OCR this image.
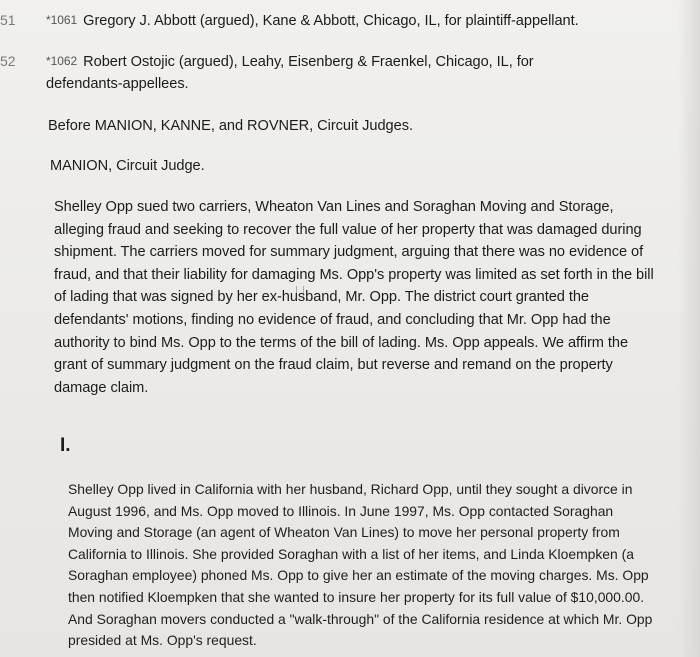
51
52
*1061 Gregory J. Abbott (argued), Kane & Abbott, Chicago, IL, for plaintiff-appellant.
*1062 Robert Ostojic (argued), Leahy, Eisenberg & Fraenkel, Chicago, IL, for defendants-appellees.
Before MANION, KANNE, and ROVNER, Circuit Judges.
MANION, Circuit Judge.
Shelley Opp sued two carriers, Wheaton Van Lines and Soraghan Moving and Storage, alleging fraud and seeking to recover the full value of her property that was damaged during shipment. The carriers moved for summary judgment, arguing that there was no evidence of fraud, and that their liability for damaging Ms. Opp's property was limited as set forth in the bill of lading that was signed by her ex-husband, Mr. Opp. The district court granted the defendants' motions, finding no evidence of fraud, and concluding that Mr. Opp had the authority to bind Ms. Opp to the terms of the bill of lading. Ms. Opp appeals. We affirm the grant of summary judgment on the fraud claim, but reverse and remand on the property damage claim.
I.
Shelley Opp lived in California with her husband, Richard Opp, until they sought a divorce in August 1996, and Ms. Opp moved to Illinois. In June 1997, Ms. Opp contacted Soraghan Moving and Storage (an agent of Wheaton Van Lines) to move her personal property from California to Illinois. She provided Soraghan with a list of her items, and Linda Kloempken (a Soraghan employee) phoned Ms. Opp to give her an estimate of the moving charges. Ms. Opp then notified Kloempken that she wanted to insure her property for its full value of $10,000.00. And Soraghan movers conducted a "walk-through" of the California residence at which Mr. Opp presided at Ms. Opp's request.
